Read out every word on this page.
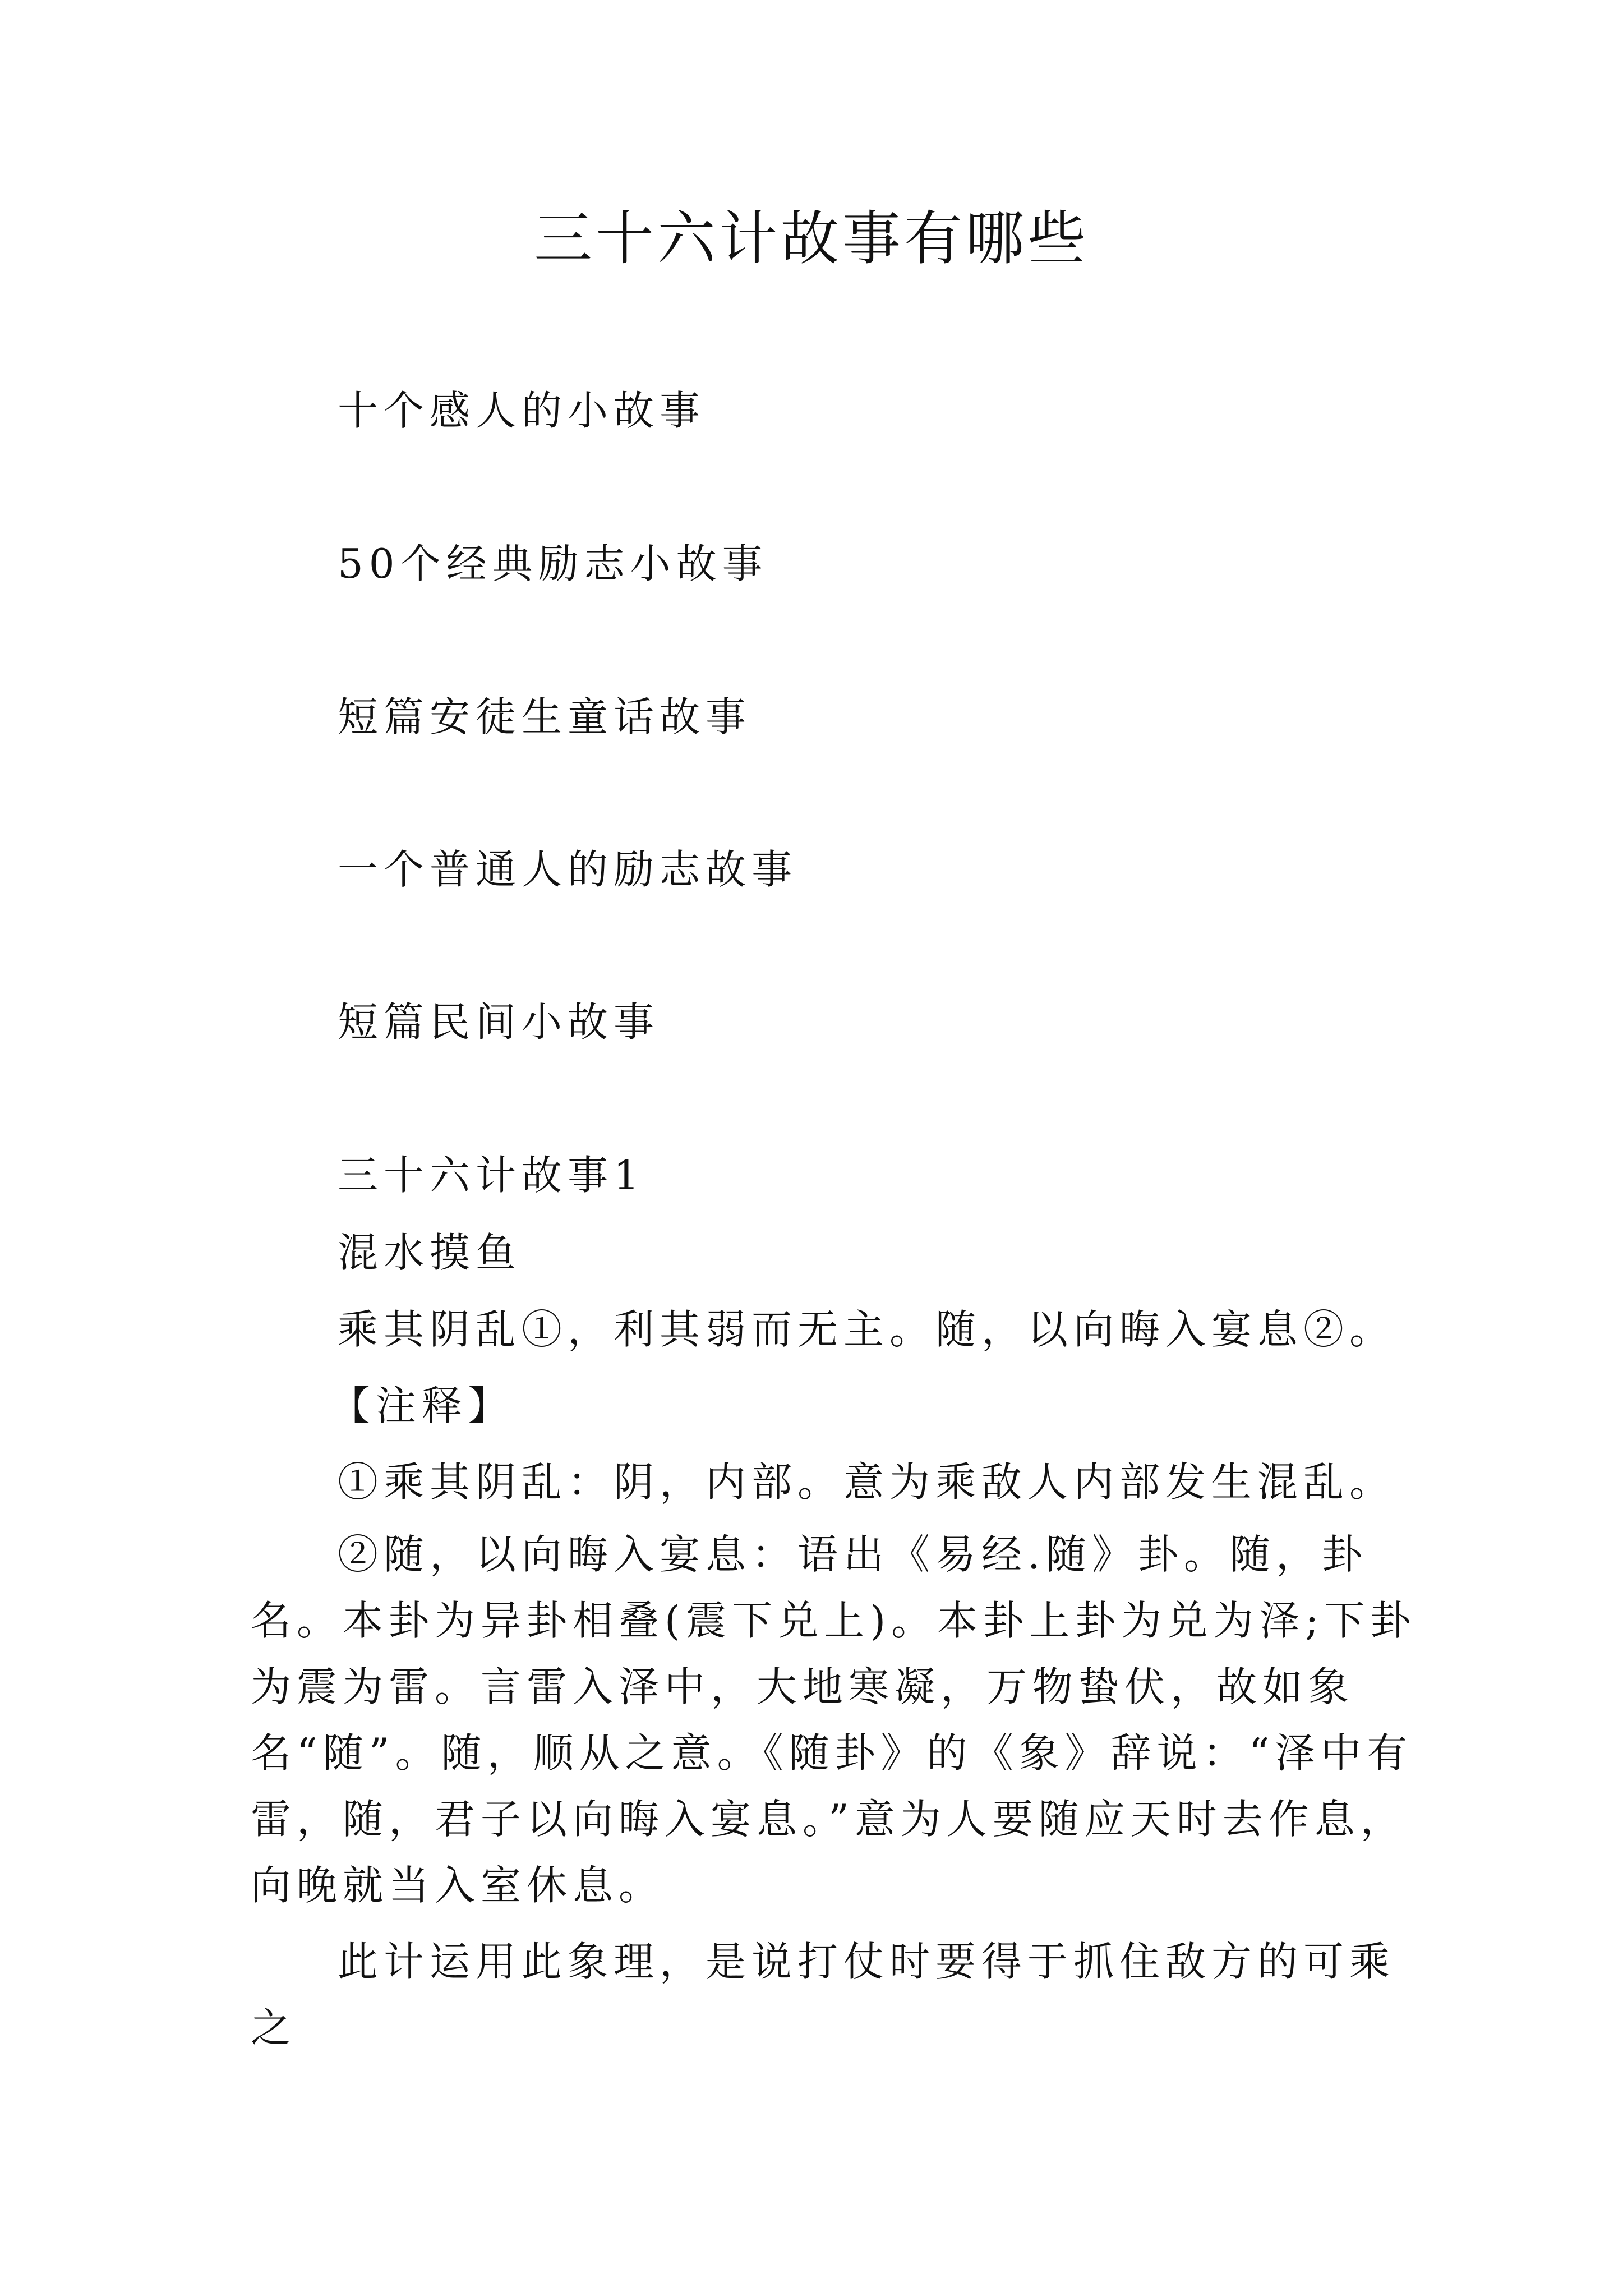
三十六计故事有哪些

十个感人的小故事

50个经典励志小故事

短篇安徒生童话故事

一个普通人的励志故事

短篇民间小故事

三十六计故事1

混水摸鱼

乘其阴乱①，利其弱而无主。随，以向晦入宴息②。

【注释】

①乘其阴乱：阴，内部。意为乘敌人内部发生混乱。

②随，以向晦入宴息：语出《易经.随》卦。随，卦名。本卦为异卦相叠(震下兑上)。本卦上卦为兑为泽;下卦为震为雷。言雷入泽中，大地寒凝，万物蛰伏，故如象名“随”。随，顺从之意。《随卦》的《象》辞说：“泽中有雷，随，君子以向晦入宴息。”意为人要随应天时去作息，向晚就当入室休息。

此计运用此象理，是说打仗时要得于抓住敌方的可乘之
